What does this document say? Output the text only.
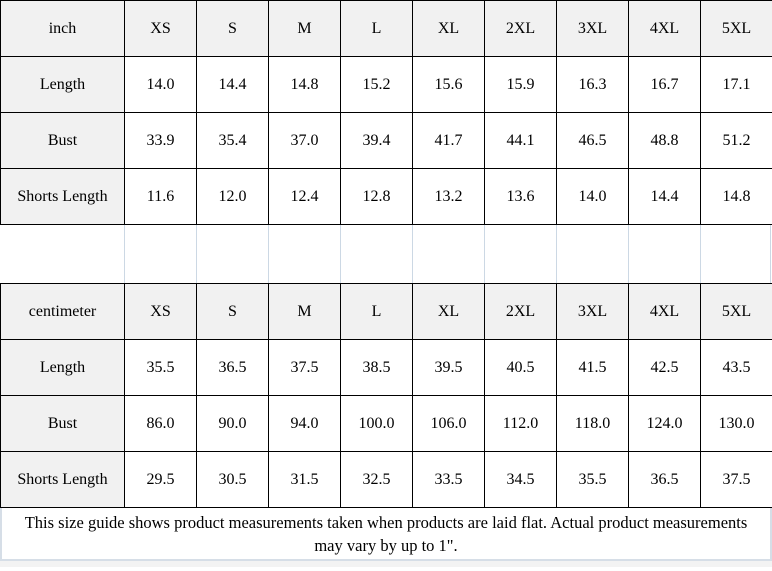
inch	XS	S	M	L	XL	2XL	3XL	4XL	5XL
Length	14.0	14.4	14.8	15.2	15.6	15.9	16.3	16.7	17.1
Bust	33.9	35.4	37.0	39.4	41.7	44.1	46.5	48.8	51.2
Shorts Length	11.6	12.0	12.4	12.8	13.2	13.6	14.0	14.4	14.8
centimeter	XS	S	M	L	XL	2XL	3XL	4XL	5XL
Length	35.5	36.5	37.5	38.5	39.5	40.5	41.5	42.5	43.5
Bust	86.0	90.0	94.0	100.0	106.0	112.0	118.0	124.0	130.0
Shorts Length	29.5	30.5	31.5	32.5	33.5	34.5	35.5	36.5	37.5

This size guide shows product measurements taken when products are laid flat. Actual product measurements may vary by up to 1".
